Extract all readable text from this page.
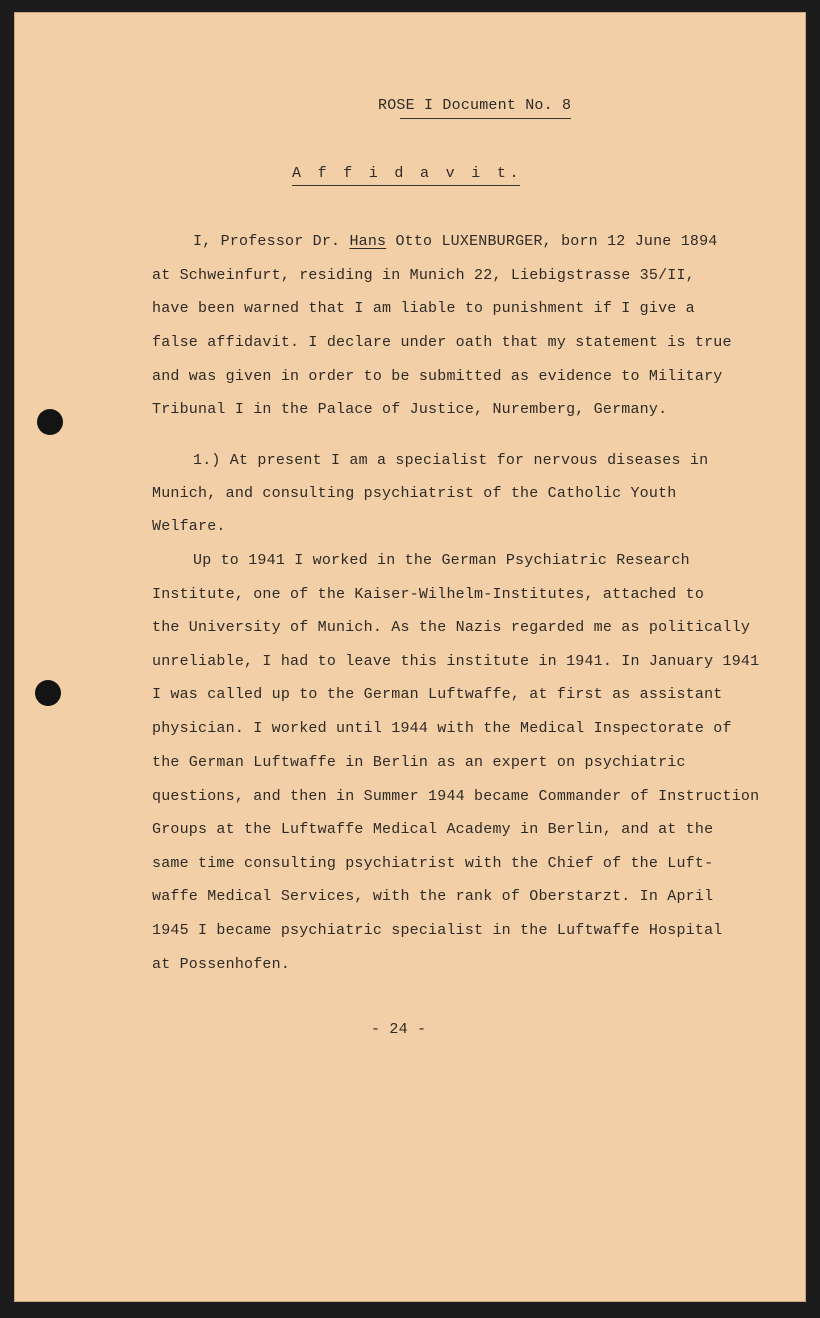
ROSE I Document No. 8
A f f i d a v i t.
I, Professor Dr. Hans Otto LUXENBURGER, born 12 June 1894
at Schweinfurt, residing in Munich 22, Liebigstrasse 35/II,
have been warned that I am liable to punishment if I give a
false affidavit. I declare under oath that my statement is true
and was given in order to be submitted as evidence to Military
Tribunal I in the Palace of Justice, Nuremberg, Germany.
1.) At present I am a specialist for nervous diseases in
Munich, and consulting psychiatrist of the Catholic Youth
Welfare.
Up to 1941 I worked in the German Psychiatric Research
Institute, one of the Kaiser-Wilhelm-Institutes, attached to
the University of Munich. As the Nazis regarded me as politically
unreliable, I had to leave this institute in 1941. In January 1941
I was called up to the German Luftwaffe, at first as assistant
physician. I worked until 1944 with the Medical Inspectorate of
the German Luftwaffe in Berlin as an expert on psychiatric
questions, and then in Summer 1944 became Commander of Instruction
Groups at the Luftwaffe Medical Academy in Berlin, and at the
same time consulting psychiatrist with the Chief of the Luft-
waffe Medical Services, with the rank of Oberstarzt. In April
1945 I became psychiatric specialist in the Luftwaffe Hospital
at Possenhofen.
- 24 -
